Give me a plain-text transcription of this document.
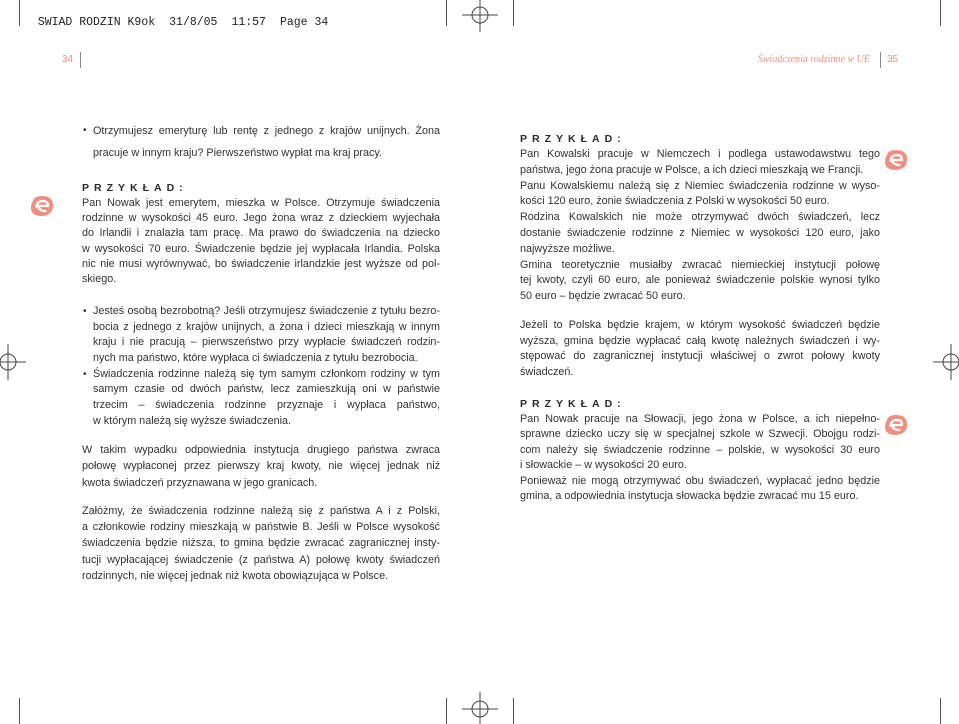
SWIAD RODZIN K9ok 31/8/05 11:57 Page 34

34	Świadczenia rodzinne w UE 35
• Otrzymujesz emeryturę lub rentę z jednego z krajów unijnych. Żona
pracuje w innym kraju? Pierwszeństwo wypłat ma kraj pracy.
PRZYKŁAD:
Pan Nowak jest emerytem, mieszka w Polsce. Otrzymuje świadczenia
rodzinne w wysokości 45 euro. Jego żona wraz z dzieckiem wyjechała
do Irlandii i znalazła tam pracę. Ma prawo do świadczenia na dziecko
w wysokości 70 euro. Świadczenie będzie jej wypłacała Irlandia. Polska
nic nie musi wyrównywać, bo świadczenie irlandzkie jest wyższe od pol-
skiego.
• Jesteś osobą bezrobotną? Jeśli otrzymujesz świadczenie z tytułu bezro-
bocia z jednego z krajów unijnych, a żona i dzieci mieszkają w innym
kraju i nie pracują – pierwszeństwo przy wypłacie świadczeń rodzin-
nych ma państwo, które wypłaca ci świadczenia z tytułu bezrobocia.
• Świadczenia rodzinne należą się tym samym członkom rodziny w tym
samym czasie od dwóch państw, lecz zamieszkują oni w państwie
trzecim – świadczenia rodzinne przyznaje i wypłaca państwo,
w którym należą się wyższe świadczenia.
W takim wypadku odpowiednia instytucja drugiego państwa zwraca
połowę wypłaconej przez pierwszy kraj kwoty, nie więcej jednak niż
kwota świadczeń przyznawana w jego granicach.
Załóżmy, że świadczenia rodzinne należą się z państwa A i z Polski,
a członkowie rodziny mieszkają w państwie B. Jeśli w Polsce wysokość
świadczenia będzie niższa, to gmina będzie zwracać zagranicznej insty-
tucji wypłacającej świadczenie (z państwa A) połowę kwoty świadczeń
rodzinnych, nie więcej jednak niż kwota obowiązująca w Polsce.
PRZYKŁAD:
Pan Kowalski pracuje w Niemczech i podlega ustawodawstwu tego
państwa, jego żona pracuje w Polsce, a ich dzieci mieszkają we Francji.
Panu Kowalskiemu należą się z Niemiec świadczenia rodzinne w wyso-
kości 120 euro, żonie świadczenia z Polski w wysokości 50 euro.
Rodzina Kowalskich nie może otrzymywać dwóch świadczeń, lecz
dostanie świadczenie rodzinne z Niemiec w wysokości 120 euro, jako
najwyższe możliwe.
Gmina teoretycznie musiałby zwracać niemieckiej instytucji połowę
tej kwoty, czyli 60 euro, ale ponieważ świadczenie polskie wynosi tylko
50 euro – będzie zwracać 50 euro.
Jeżeli to Polska będzie krajem, w którym wysokość świadczeń będzie
wyższa, gmina będzie wypłacać całą kwotę należnych świadczeń i wy-
stępować do zagranicznej instytucji właściwej o zwrot połowy kwoty
świadczeń.
PRZYKŁAD:
Pan Nowak pracuje na Słowacji, jego żona w Polsce, a ich niepełno-
sprawne dziecko uczy się w specjalnej szkole w Szwecji. Obojgu rodzi-
com należy się świadczenie rodzinne – polskie, w wysokości 30 euro
i słowackie – w wysokości 20 euro.
Ponieważ nie mogą otrzymywać obu świadczeń, wypłacać jedno będzie
gmina, a odpowiednia instytucja słowacka będzie zwracać mu 15 euro.
